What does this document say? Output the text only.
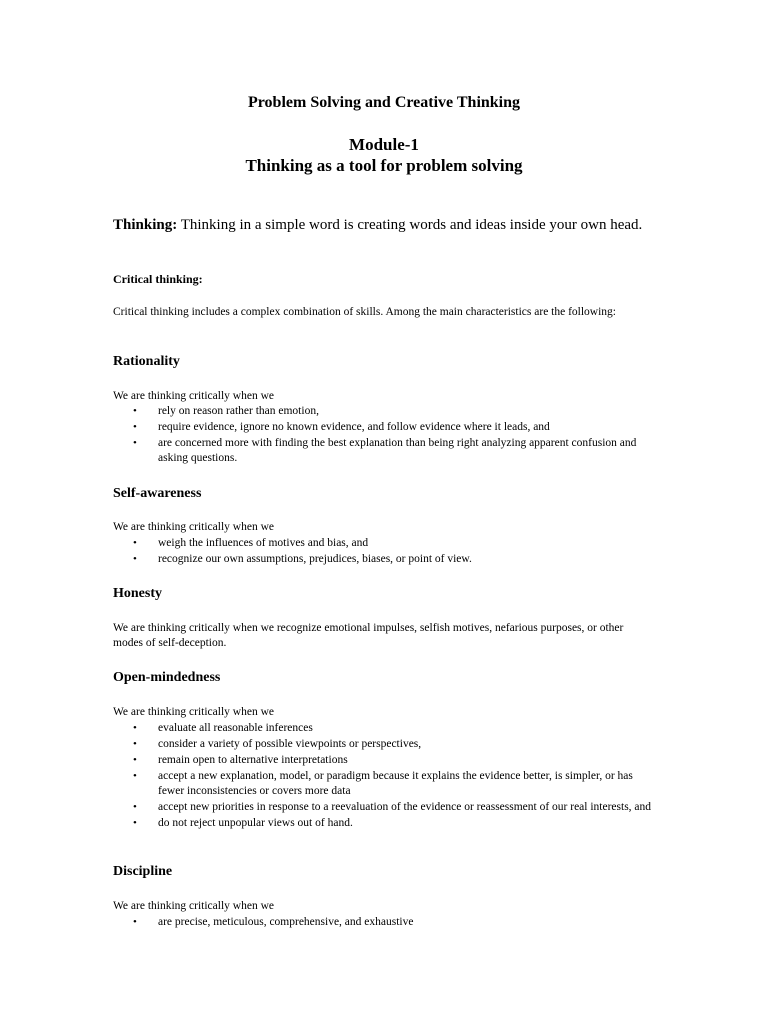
Problem Solving and Creative Thinking
Module-1
Thinking as a tool for problem solving
Thinking: Thinking in a simple word is creating words and ideas inside your own head.
Critical thinking:
Critical thinking includes a complex combination of skills. Among the main characteristics are the following:
Rationality
We are thinking critically when we
• rely on reason rather than emotion,
• require evidence, ignore no known evidence, and follow evidence where it leads, and
• are concerned more with finding the best explanation than being right analyzing apparent confusion and asking questions.
Self-awareness
We are thinking critically when we
• weigh the influences of motives and bias, and
• recognize our own assumptions, prejudices, biases, or point of view.
Honesty
We are thinking critically when we recognize emotional impulses, selfish motives, nefarious purposes, or other modes of self-deception.
Open-mindedness
We are thinking critically when we
• evaluate all reasonable inferences
• consider a variety of possible viewpoints or perspectives,
• remain open to alternative interpretations
• accept a new explanation, model, or paradigm because it explains the evidence better, is simpler, or has fewer inconsistencies or covers more data
• accept new priorities in response to a reevaluation of the evidence or reassessment of our real interests, and
• do not reject unpopular views out of hand.
Discipline
We are thinking critically when we
• are precise, meticulous, comprehensive, and exhaustive
